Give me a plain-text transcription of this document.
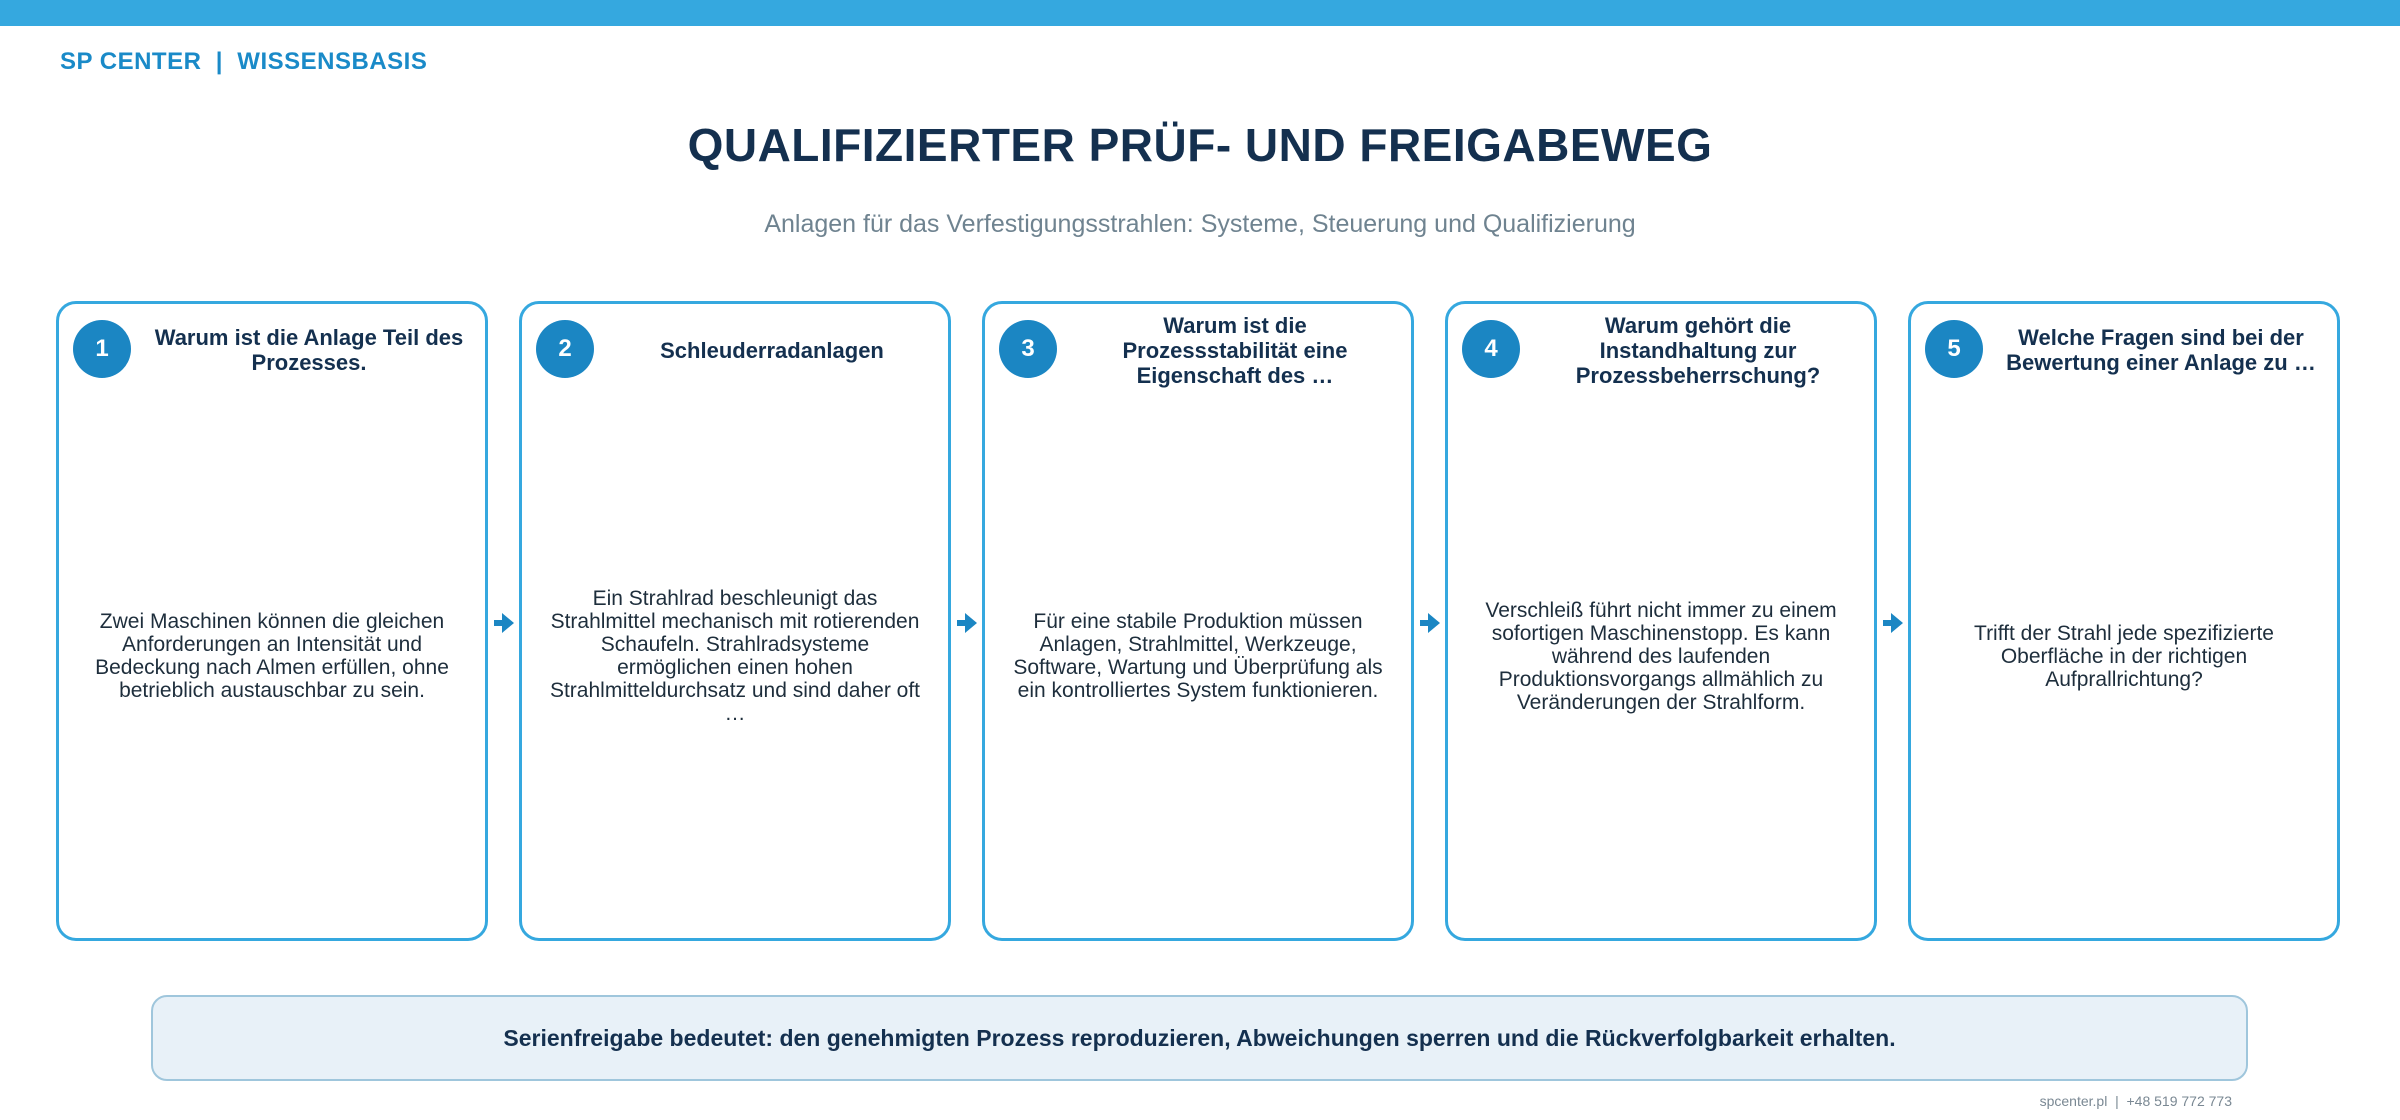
SP CENTER  |  WISSENSBASIS
QUALIFIZIERTER PRÜF- UND FREIGABEWEG
Anlagen für das Verfestigungsstrahlen: Systeme, Steuerung und Qualifizierung
1	Warum ist die Anlage Teil des Prozesses.
Zwei Maschinen können die gleichen Anforderungen an Intensität und Bedeckung nach Almen erfüllen, ohne betrieblich austauschbar zu sein.
2	Schleuderradanlagen
Ein Strahlrad beschleunigt das Strahlmittel mechanisch mit rotierenden Schaufeln. Strahlradsysteme ermöglichen einen hohen Strahlmitteldurchsatz und sind daher oft …
3
Warum ist die Prozessstabilität eine Eigenschaft des …
Für eine stabile Produktion müssen Anlagen, Strahlmittel, Werkzeuge, Software, Wartung und Überprüfung als ein kontrolliertes System funktionieren.
4
Warum gehört die Instandhaltung zur Prozessbeherrschung?
Verschleiß führt nicht immer zu einem sofortigen Maschinenstopp. Es kann während des laufenden Produktionsvorgangs allmählich zu Veränderungen der Strahlform.
5	Welche Fragen sind bei der Bewertung einer Anlage zu …
Trifft der Strahl jede spezifizierte Oberfläche in der richtigen Aufprallrichtung?
Serienfreigabe bedeutet: den genehmigten Prozess reproduzieren, Abweichungen sperren und die Rückverfolgbarkeit erhalten.
spcenter.pl  |  +48 519 772 773
